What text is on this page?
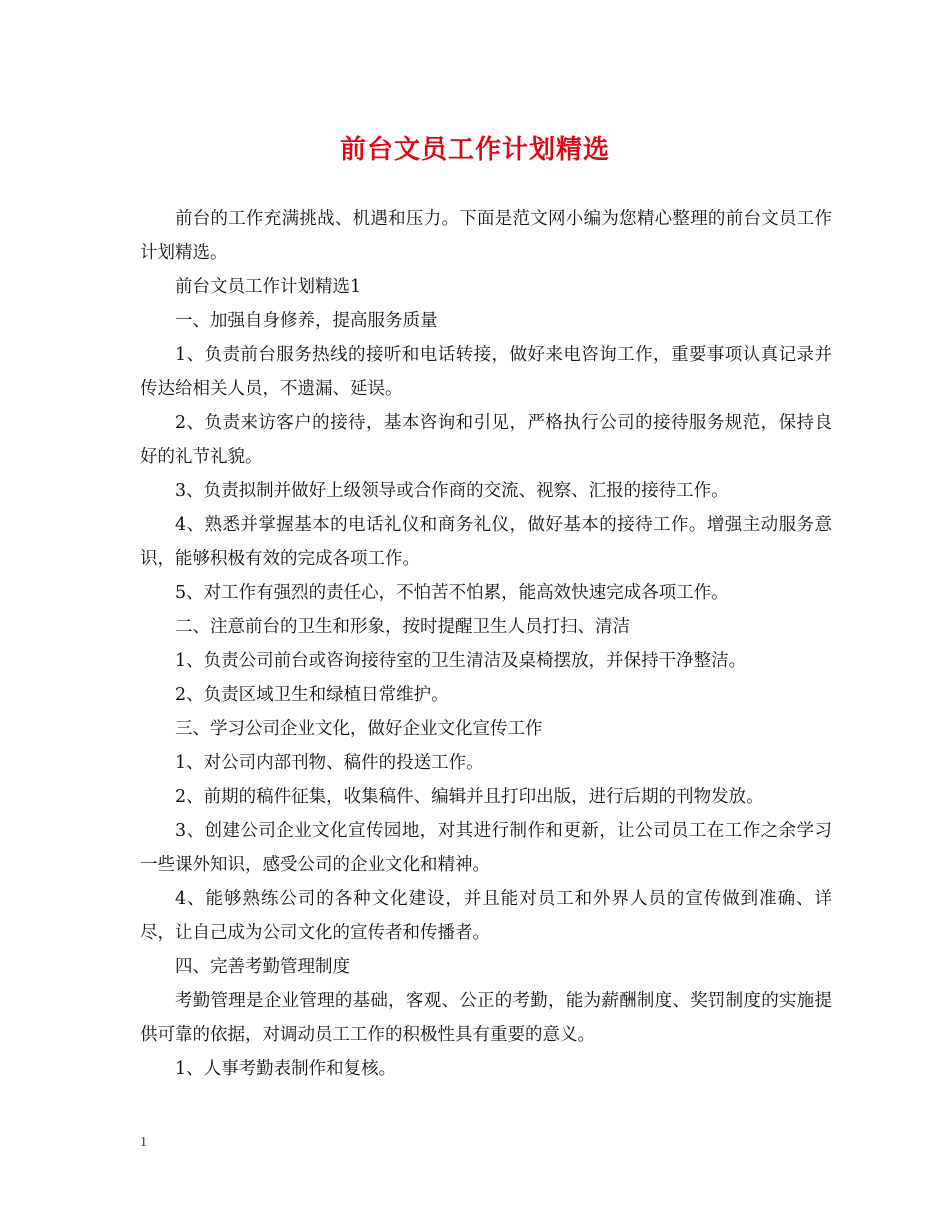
前台文员工作计划精选

前台的工作充满挑战、机遇和压力。下面是范文网小编为您精心整理的前台文员工作计划精选。

前台文员工作计划精选1

一、加强自身修养，提高服务质量

1、负责前台服务热线的接听和电话转接，做好来电咨询工作，重要事项认真记录并传达给相关人员，不遗漏、延误。

2、负责来访客户的接待，基本咨询和引见，严格执行公司的接待服务规范，保持良好的礼节礼貌。

3、负责拟制并做好上级领导或合作商的交流、视察、汇报的接待工作。

4、熟悉并掌握基本的电话礼仪和商务礼仪，做好基本的接待工作。增强主动服务意识，能够积极有效的完成各项工作。

5、对工作有强烈的责任心，不怕苦不怕累，能高效快速完成各项工作。

二、注意前台的卫生和形象，按时提醒卫生人员打扫、清洁

1、负责公司前台或咨询接待室的卫生清洁及桌椅摆放，并保持干净整洁。

2、负责区域卫生和绿植日常维护。

三、学习公司企业文化，做好企业文化宣传工作

1、对公司内部刊物、稿件的投送工作。

2、前期的稿件征集，收集稿件、编辑并且打印出版，进行后期的刊物发放。

3、创建公司企业文化宣传园地，对其进行制作和更新，让公司员工在工作之余学习一些课外知识，感受公司的企业文化和精神。

4、能够熟练公司的各种文化建设，并且能对员工和外界人员的宣传做到准确、详尽，让自己成为公司文化的宣传者和传播者。

四、完善考勤管理制度

考勤管理是企业管理的基础，客观、公正的考勤，能为薪酬制度、奖罚制度的实施提供可靠的依据，对调动员工工作的积极性具有重要的意义。

1、人事考勤表制作和复核。

1
